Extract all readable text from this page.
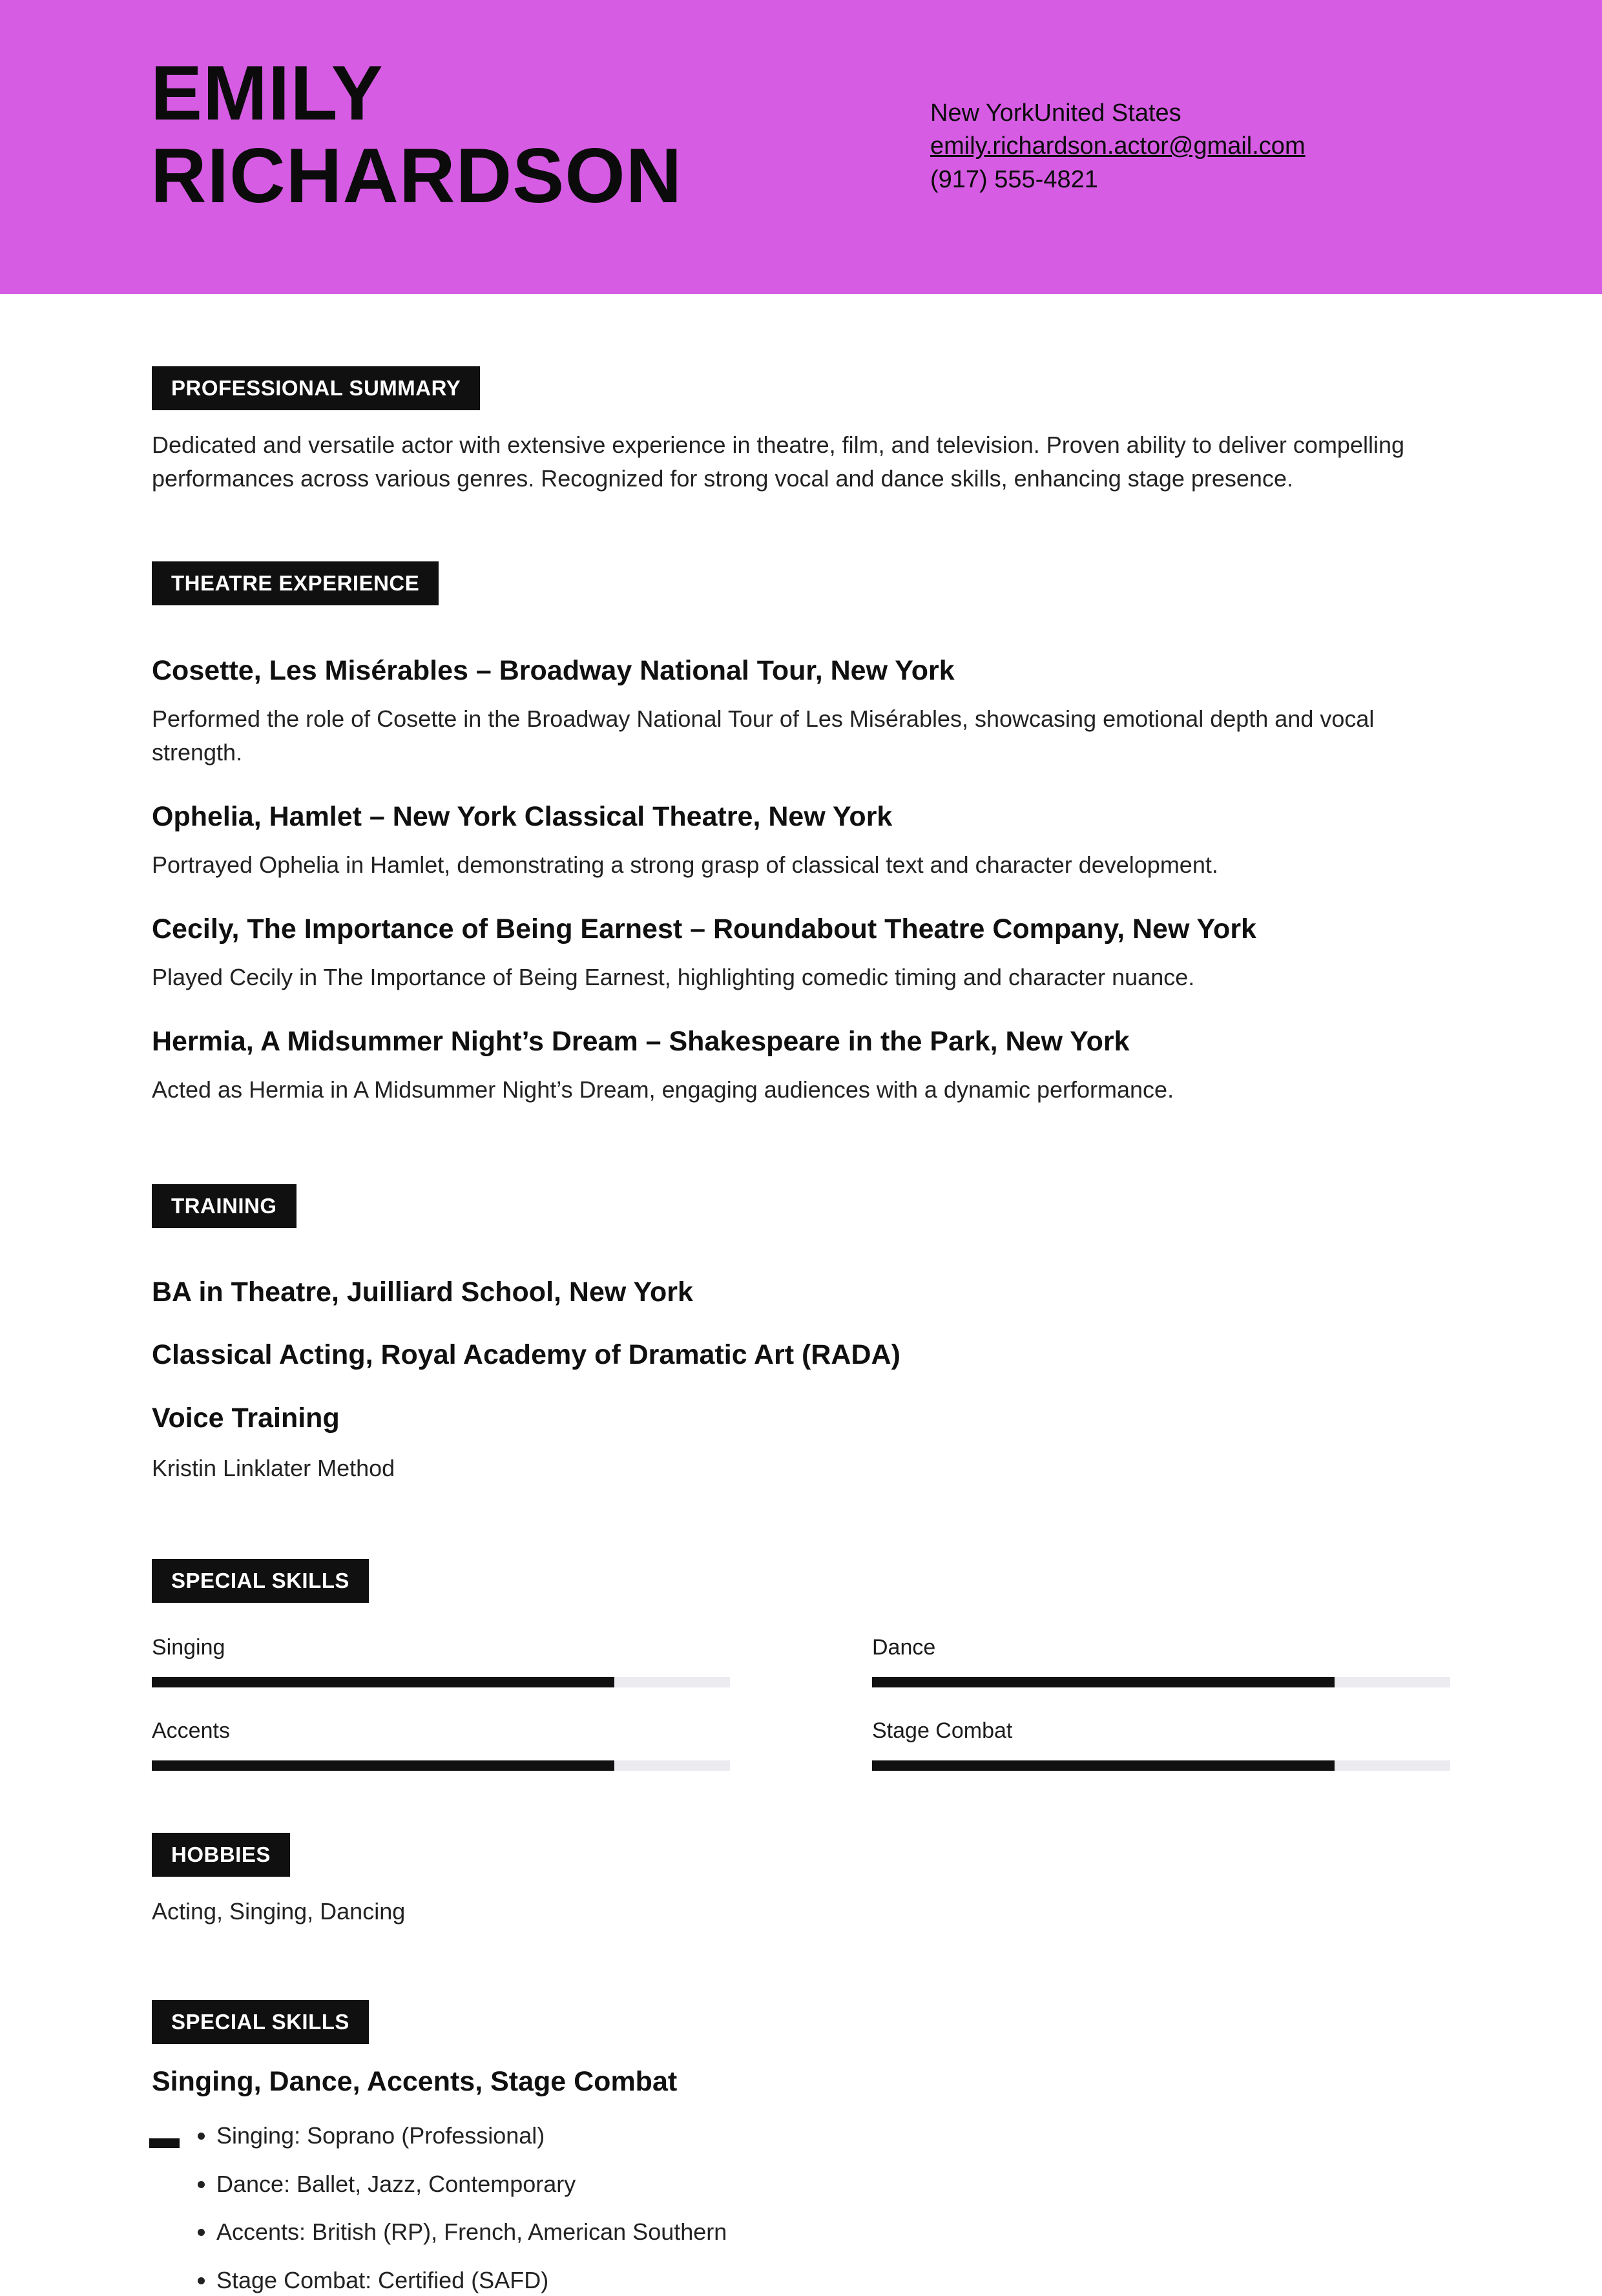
EMILY
RICHARDSON
New YorkUnited States
emily.richardson.actor@gmail.com
(917) 555-4821
PROFESSIONAL SUMMARY

Dedicated and versatile actor with extensive experience in theatre, film, and television. Proven ability to deliver compelling performances across various genres. Recognized for strong vocal and dance skills, enhancing stage presence.

THEATRE EXPERIENCE
Cosette, Les Misérables – Broadway National Tour, New York

Performed the role of Cosette in the Broadway National Tour of Les Misérables, showcasing emotional depth and vocal strength.

Ophelia, Hamlet – New York Classical Theatre, New York

Portrayed Ophelia in Hamlet, demonstrating a strong grasp of classical text and character development.

Cecily, The Importance of Being Earnest – Roundabout Theatre Company, New York

Played Cecily in The Importance of Being Earnest, highlighting comedic timing and character nuance.

Hermia, A Midsummer Night’s Dream – Shakespeare in the Park, New York

Acted as Hermia in A Midsummer Night’s Dream, engaging audiences with a dynamic performance.

TRAINING
BA in Theatre, Juilliard School, New York
Classical Acting, Royal Academy of Dramatic Art (RADA)
Voice Training

Kristin Linklater Method

SPECIAL SKILLS
Singing	Dance
Accents	Stage Combat
HOBBIES

Acting, Singing, Dancing

SPECIAL SKILLS
Singing, Dance, Accents, Stage Combat
• Singing: Soprano (Professional)
• Dance: Ballet, Jazz, Contemporary
• Accents: British (RP), French, American Southern
• Stage Combat: Certified (SAFD)
